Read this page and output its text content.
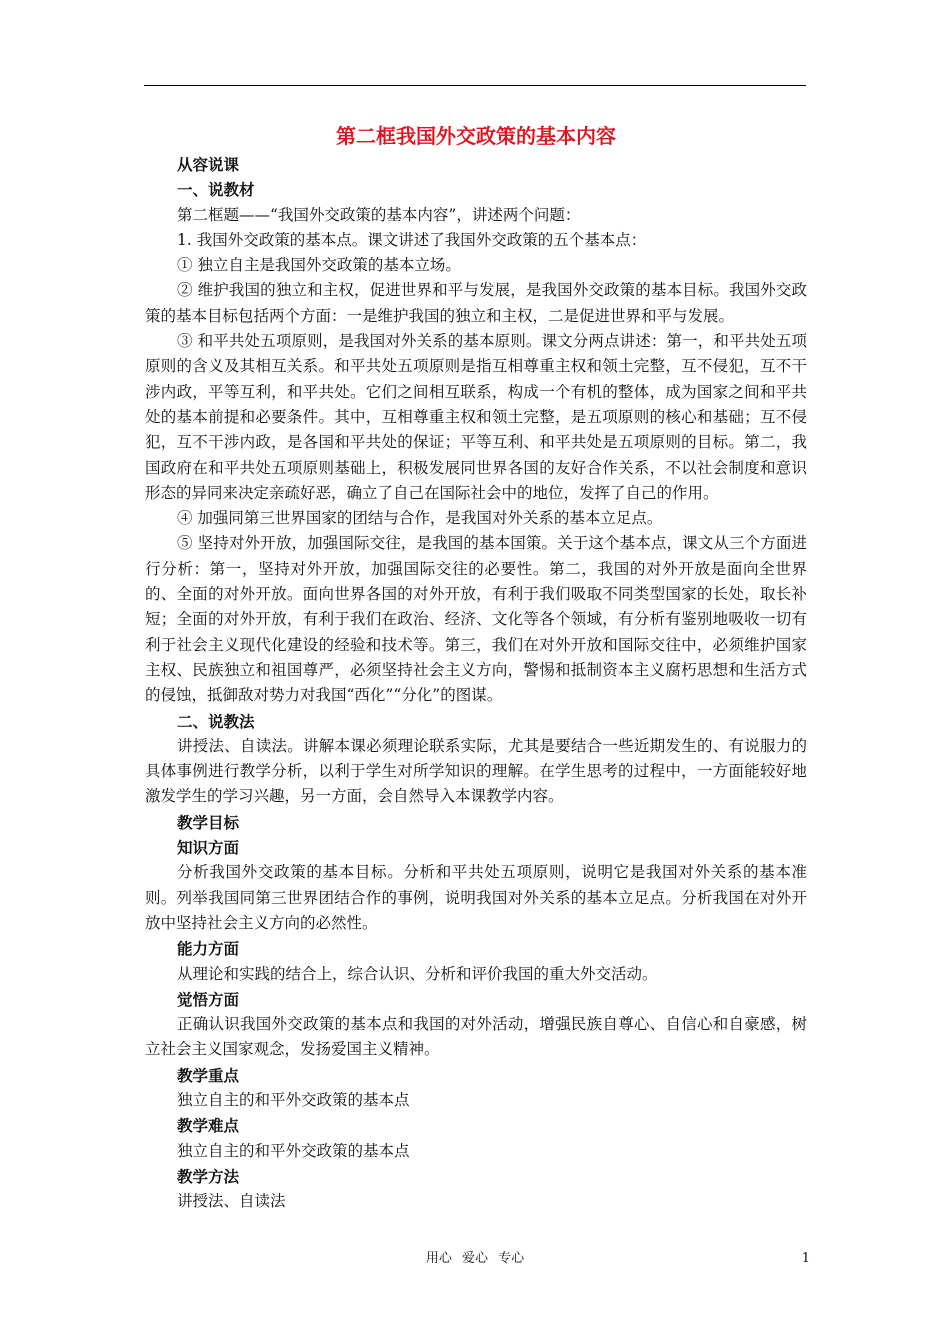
第二框我国外交政策的基本内容
从容说课
一、说教材
第二框题——“我国外交政策的基本内容”，讲述两个问题：
1. 我国外交政策的基本点。课文讲述了我国外交政策的五个基本点：
① 独立自主是我国外交政策的基本立场。
② 维护我国的独立和主权，促进世界和平与发展，是我国外交政策的基本目标。我国外交政策的基本目标包括两个方面：一是维护我国的独立和主权，二是促进世界和平与发展。
③ 和平共处五项原则，是我国对外关系的基本原则。课文分两点讲述：第一，和平共处五项原则的含义及其相互关系。和平共处五项原则是指互相尊重主权和领土完整，互不侵犯，互不干涉内政，平等互利，和平共处。它们之间相互联系，构成一个有机的整体，成为国家之间和平共处的基本前提和必要条件。其中，互相尊重主权和领土完整，是五项原则的核心和基础；互不侵犯，互不干涉内政，是各国和平共处的保证；平等互利、和平共处是五项原则的目标。第二，我国政府在和平共处五项原则基础上，积极发展同世界各国的友好合作关系，不以社会制度和意识形态的异同来决定亲疏好恶，确立了自己在国际社会中的地位，发挥了自己的作用。
④ 加强同第三世界国家的团结与合作，是我国对外关系的基本立足点。
⑤ 坚持对外开放，加强国际交往，是我国的基本国策。关于这个基本点，课文从三个方面进行分析：第一，坚持对外开放，加强国际交往的必要性。第二，我国的对外开放是面向全世界的、全面的对外开放。面向世界各国的对外开放，有利于我们吸取不同类型国家的长处，取长补短；全面的对外开放，有利于我们在政治、经济、文化等各个领域，有分析有鉴别地吸收一切有利于社会主义现代化建设的经验和技术等。第三，我们在对外开放和国际交往中，必须维护国家主权、民族独立和祖国尊严，必须坚持社会主义方向，警惕和抵制资本主义腐朽思想和生活方式的侵蚀，抵御敌对势力对我国“西化”“分化”的图谋。
二、说教法
讲授法、自读法。讲解本课必须理论联系实际，尤其是要结合一些近期发生的、有说服力的具体事例进行教学分析，以利于学生对所学知识的理解。在学生思考的过程中，一方面能较好地激发学生的学习兴趣，另一方面，会自然导入本课教学内容。
教学目标
知识方面
分析我国外交政策的基本目标。分析和平共处五项原则，说明它是我国对外关系的基本准则。列举我国同第三世界团结合作的事例，说明我国对外关系的基本立足点。分析我国在对外开放中坚持社会主义方向的必然性。
能力方面
从理论和实践的结合上，综合认识、分析和评价我国的重大外交活动。
觉悟方面
正确认识我国外交政策的基本点和我国的对外活动，增强民族自尊心、自信心和自豪感，树立社会主义国家观念，发扬爱国主义精神。
教学重点
独立自主的和平外交政策的基本点
教学难点
独立自主的和平外交政策的基本点
教学方法
讲授法、自读法
用心 爱心 专心	1
